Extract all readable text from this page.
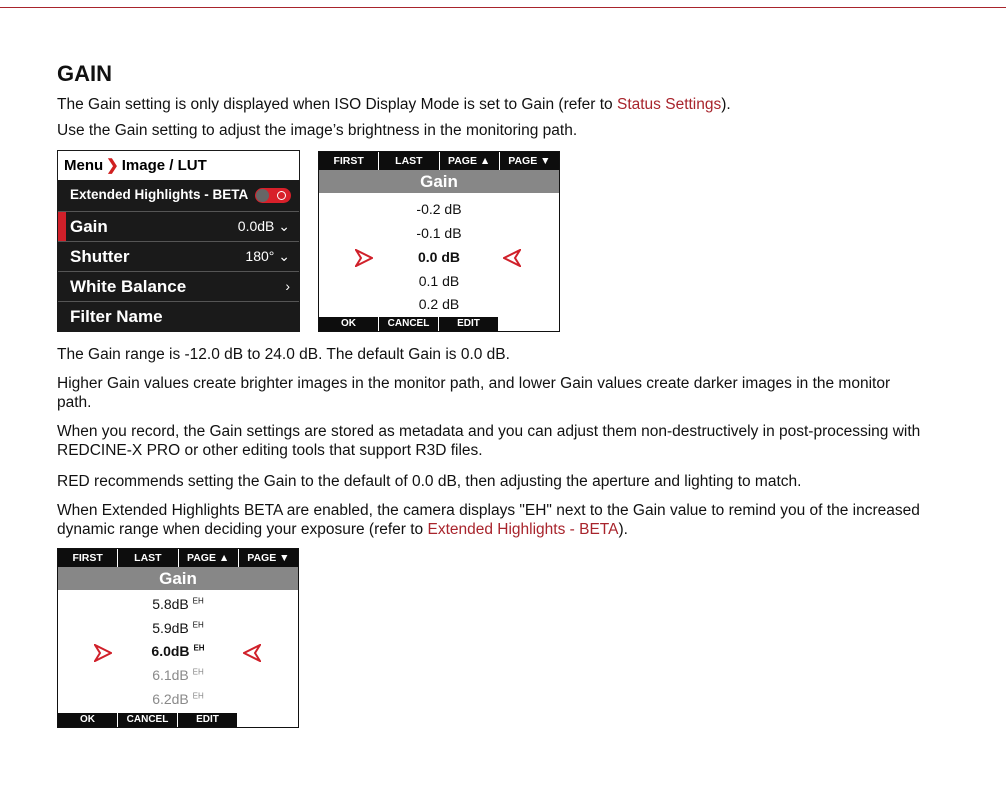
GAIN

The Gain setting is only displayed when ISO Display Mode is set to Gain (refer to Status Settings).

Use the Gain setting to adjust the image’s brightness in the monitoring path.

Menu ❯ Image / LUT
Extended Highlights - BETA
Gain	0.0dB ⌄
Shutter	180° ⌄
White Balance	›
Filter Name
FIRST	LAST	PAGE ▲	PAGE ▼
Gain
-0.2 dB
-0.1 dB
0.0 dB
0.1 dB
0.2 dB
OK	CANCEL	EDIT

The Gain range is -12.0 dB to 24.0 dB. The default Gain is 0.0 dB.

Higher Gain values create brighter images in the monitor path, and lower Gain values create darker images in the monitor path.

When you record, the Gain settings are stored as metadata and you can adjust them non-destructively in post-processing with REDCINE-X PRO or other editing tools that support R3D files.

RED recommends setting the Gain to the default of 0.0 dB, then adjusting the aperture and lighting to match.

When Extended Highlights BETA are enabled, the camera displays "EH" next to the Gain value to remind you of the increased dynamic range when deciding your exposure (refer to Extended Highlights - BETA).

FIRST	LAST	PAGE ▲	PAGE ▼
Gain
5.8dB $^{EH}$
5.9dB $^{EH}$
6.0dB $^{EH}$
6.1dB $^{EH}$
6.2dB $^{EH}$
OK	CANCEL	EDIT
